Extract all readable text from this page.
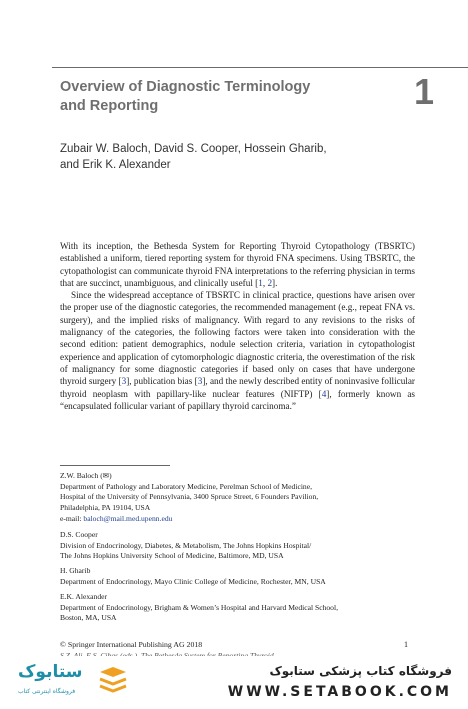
Overview of Diagnostic Terminology
and Reporting	1
Zubair W. Baloch, David S. Cooper, Hossein Gharib,
and Erik K. Alexander

With its inception, the Bethesda System for Reporting Thyroid Cytopathology (TBSRTC) established a uniform, tiered reporting system for thyroid FNA specimens. Using TBSRTC, the cytopathologist can communicate thyroid FNA interpretations to the referring physician in terms that are succinct, unambiguous, and clinically useful [1, 2].

Since the widespread acceptance of TBSRTC in clinical practice, questions have arisen over the proper use of the diagnostic categories, the recommended management (e.g., repeat FNA vs. surgery), and the implied risks of malignancy. With regard to any revisions to the risks of malignancy of the categories, the following factors were taken into consideration with the second edition: patient demographics, nodule selection criteria, variation in cytopathologist experience and application of cytomorphologic diagnostic criteria, the overestimation of the risk of malignancy for some diagnostic categories if based only on cases that have undergone thyroid surgery [3], publication bias [3], and the newly described entity of noninvasive follicular thyroid neoplasm with papillary-like nuclear features (NIFTP) [4], formerly known as “encapsulated follicular variant of papillary thyroid carcinoma.”

Z.W. Baloch (✉)
Department of Pathology and Laboratory Medicine, Perelman School of Medicine,
Hospital of the University of Pennsylvania, 3400 Spruce Street, 6 Founders Pavilion,
Philadelphia, PA 19104, USA
e-mail: baloch@mail.med.upenn.edu
D.S. Cooper
Division of Endocrinology, Diabetes, & Metabolism, The Johns Hopkins Hospital/
The Johns Hopkins University School of Medicine, Baltimore, MD, USA
H. Gharib
Department of Endocrinology, Mayo Clinic College of Medicine, Rochester, MN, USA
E.K. Alexander
Department of Endocrinology, Brigham & Women’s Hospital and Harvard Medical School,
Boston, MA, USA
© Springer International Publishing AG 2018	1
ستابوک
فروشگاه اینترنتی کتاب
فروشگاه کتاب پزشکی ستابوک
WWW.SETABOOK.COM
